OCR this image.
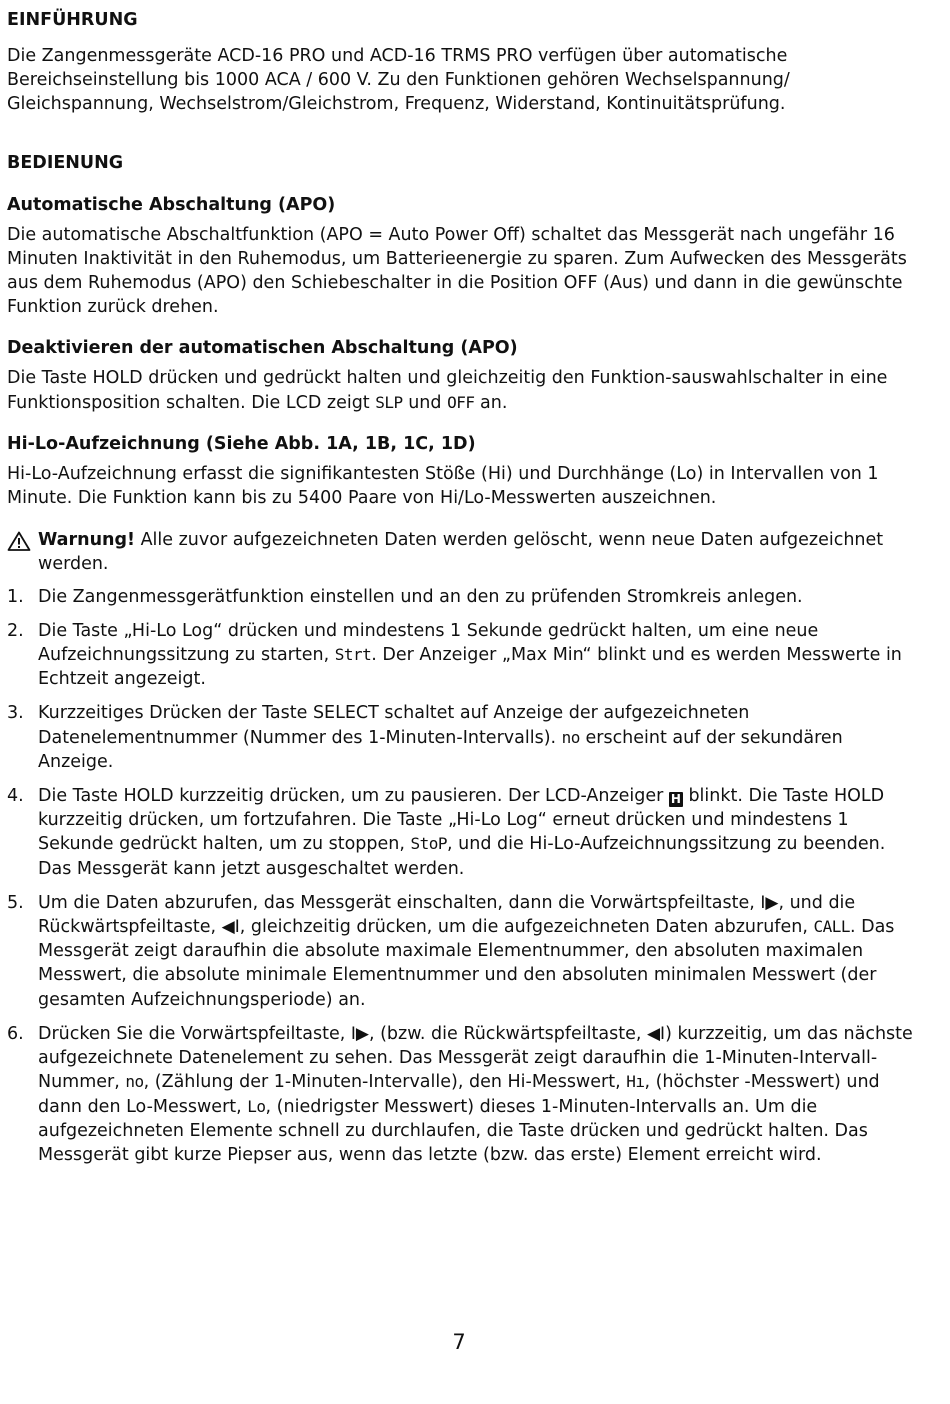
EINFÜHRUNG

Die Zangenmessgeräte ACD-16 PRO und ACD-16 TRMS PRO verfügen über automatische Bereichseinstellung bis 1000 ACA / 600 V. Zu den Funktionen gehören Wechselspannung/ Gleichspannung, Wechselstrom/Gleichstrom, Frequenz, Widerstand, Kontinuitätsprüfung.

BEDIENUNG

Automatische Abschaltung (APO)

Die automatische Abschaltfunktion (APO = Auto Power Off) schaltet das Messgerät nach ungefähr 16 Minuten Inaktivität in den Ruhemodus, um Batterieenergie zu sparen. Zum Aufwecken des Messgeräts aus dem Ruhemodus (APO) den Schiebeschalter in die Position OFF (Aus) und dann in die gewünschte Funktion zurück drehen.

Deaktivieren der automatischen Abschaltung (APO)

Die Taste HOLD drücken und gedrückt halten und gleichzeitig den Funktion-sauswahlschalter in eine Funktionsposition schalten. Die LCD zeigt SLP und OFF an.

Hi-Lo-Aufzeichnung (Siehe Abb. 1A, 1B, 1C, 1D)

Hi-Lo-Aufzeichnung erfasst die signifikantesten Stöße (Hi) und Durchhänge (Lo) in Intervallen von 1 Minute. Die Funktion kann bis zu 5400 Paare von Hi/Lo-Messwerten auszeichnen.

Warnung! Alle zuvor aufgezeichneten Daten werden gelöscht, wenn neue Daten aufgezeichnet werden.
1. Die Zangenmessgerätfunktion einstellen und an den zu prüfenden Stromkreis anlegen.
2. Die Taste „Hi-Lo Log“ drücken und mindestens 1 Sekunde gedrückt halten, um eine neue Aufzeichnungssitzung zu starten, Strt. Der Anzeiger „Max Min“ blinkt und es werden Messwerte in Echtzeit angezeigt.
3. Kurzzeitiges Drücken der Taste SELECT schaltet auf Anzeige der aufgezeichneten Datenelementnummer (Nummer des 1-Minuten-Intervalls). no erscheint auf der sekundären Anzeige.
4. Die Taste HOLD kurzzeitig drücken, um zu pausieren. Der LCD-Anzeiger H blinkt. Die Taste HOLD kurzzeitig drücken, um fortzufahren. Die Taste „Hi-Lo Log“ erneut drücken und mindestens 1 Sekunde gedrückt halten, um zu stoppen, StoP, und die Hi-Lo-Aufzeichnungssitzung zu beenden. Das Messgerät kann jetzt ausgeschaltet werden.
5. Um die Daten abzurufen, das Messgerät einschalten, dann die Vorwärtspfeiltaste, I▶, und die Rückwärtspfeiltaste, ◀I, gleichzeitig drücken, um die aufgezeichneten Daten abzurufen, CALL. Das Messgerät zeigt daraufhin die absolute maximale Elementnummer, den absoluten maximalen Messwert, die absolute minimale Elementnummer und den absoluten minimalen Messwert (der gesamten Aufzeichnungsperiode) an.
6. Drücken Sie die Vorwärtspfeiltaste, I▶, (bzw. die Rückwärtspfeiltaste, ◀I) kurzzeitig, um das nächste aufgezeichnete Datenelement zu sehen. Das Messgerät zeigt daraufhin die 1-Minuten-Intervall-Nummer, no, (Zählung der 1-Minuten-Intervalle), den Hi-Messwert, Hı, (höchster -Messwert) und dann den Lo-Messwert, Lo, (niedrigster Messwert) dieses 1-Minuten-Intervalls an. Um die aufgezeichneten Elemente schnell zu durchlaufen, die Taste drücken und gedrückt halten. Das Messgerät gibt kurze Piepser aus, wenn das letzte (bzw. das erste) Element erreicht wird.
7
